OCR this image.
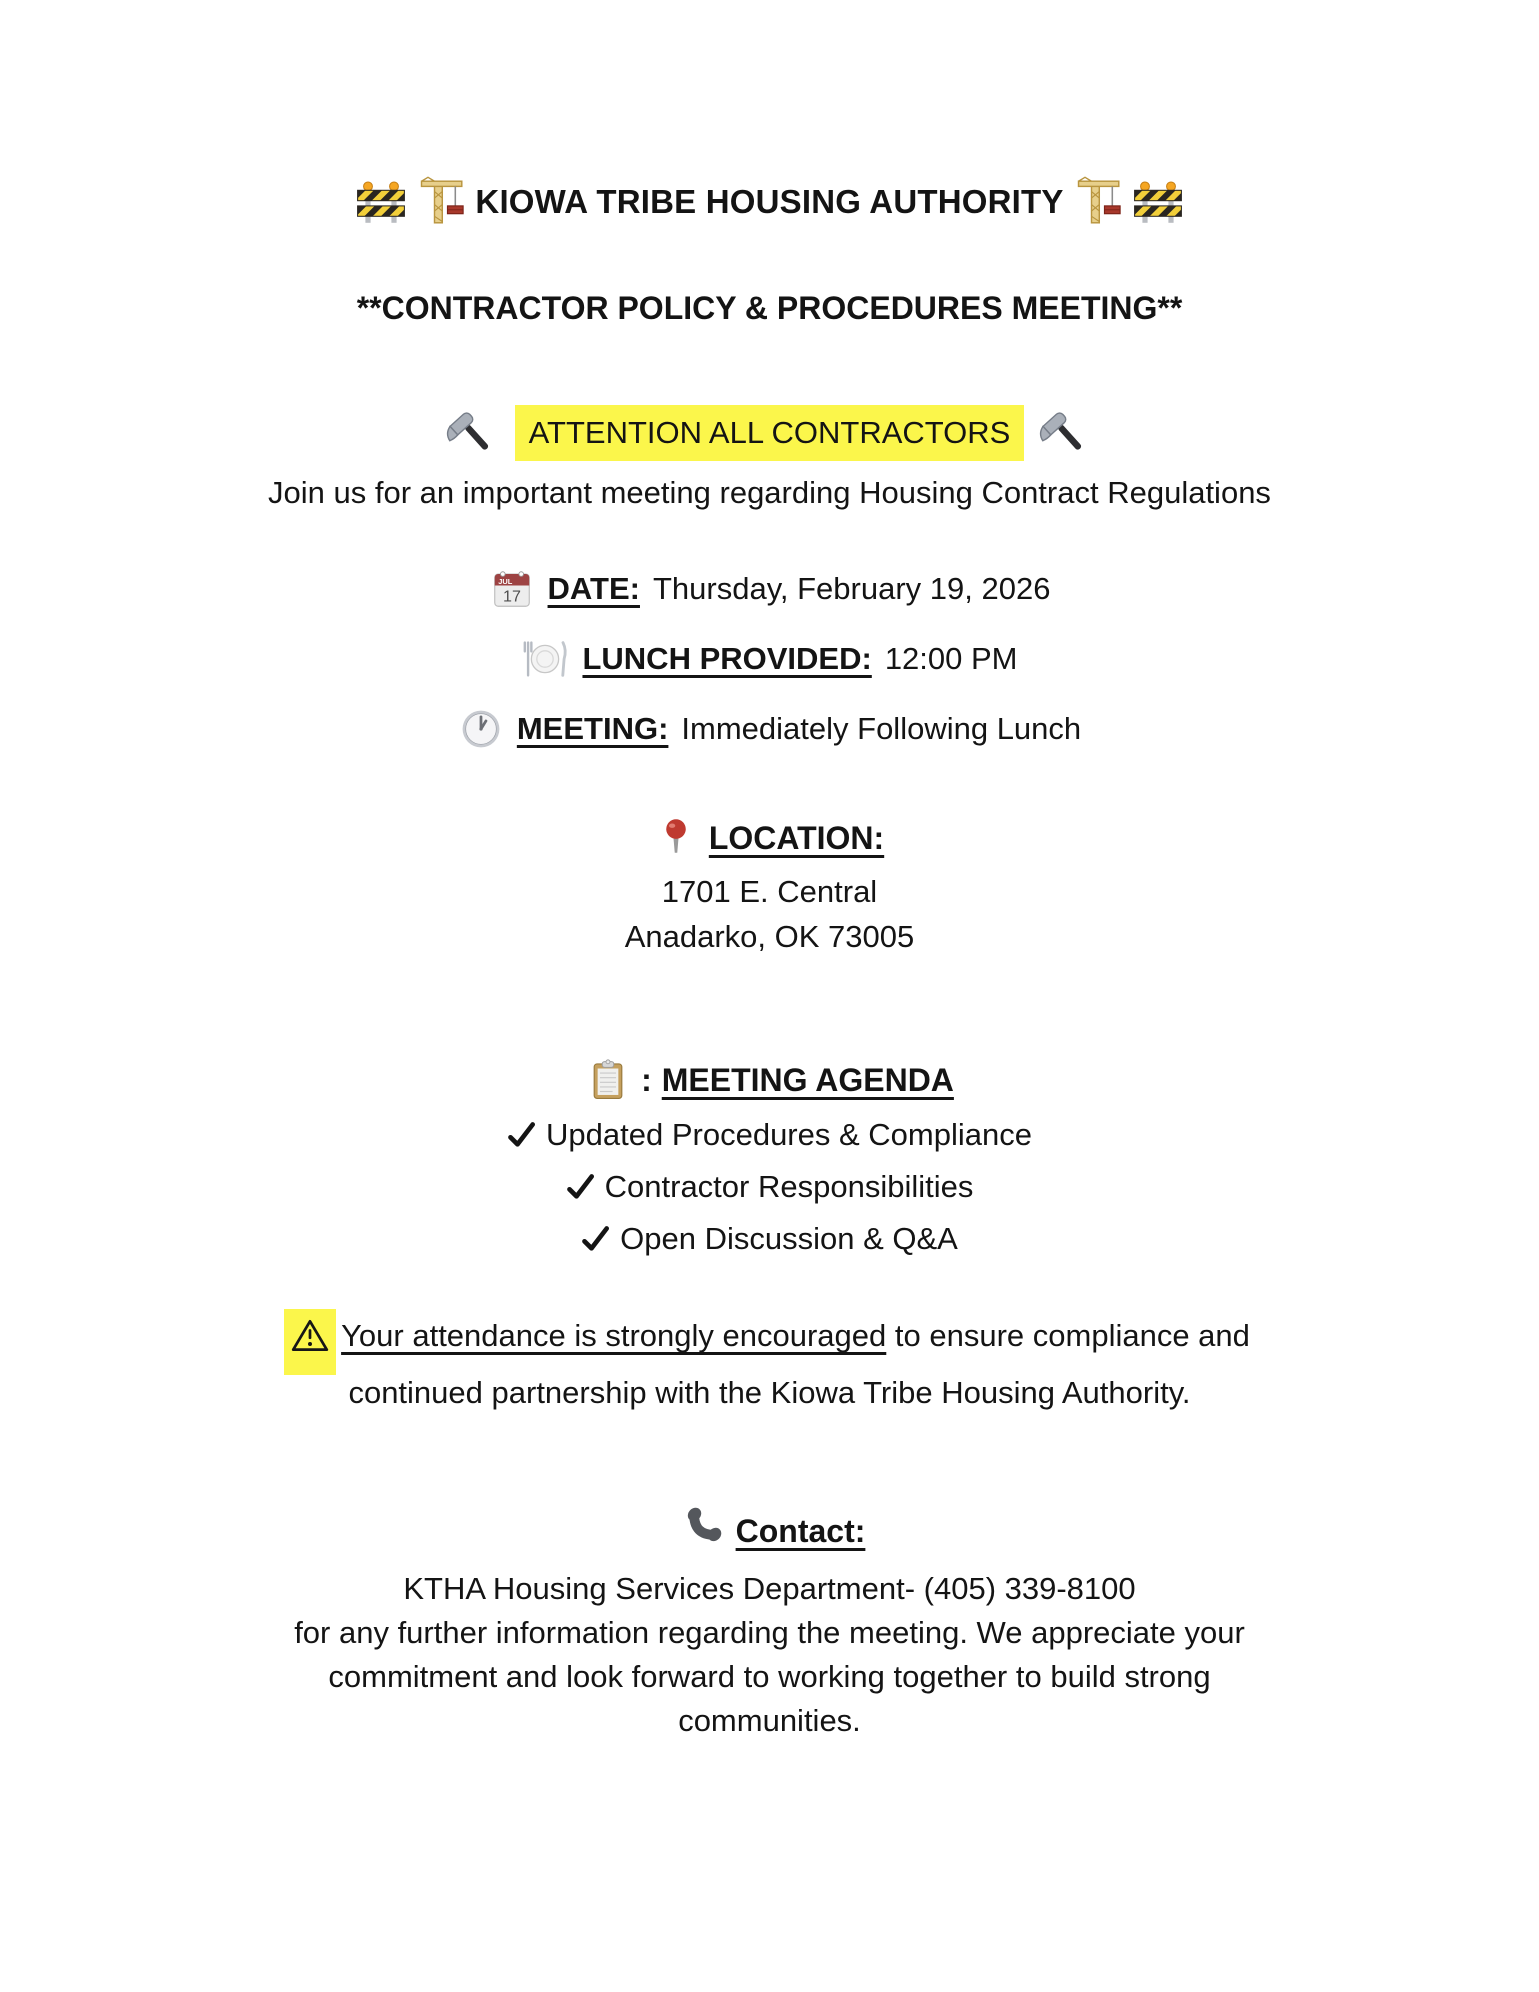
KIOWA TRIBE HOUSING AUTHORITY
**CONTRACTOR POLICY & PROCEDURES MEETING**
ATTENTION ALL CONTRACTORS
Join us for an important meeting regarding Housing Contract Regulations
JUL
17 DATE: Thursday, February 19, 2026
LUNCH PROVIDED: 12:00 PM
MEETING: Immediately Following Lunch
LOCATION:
1701 E. Central
Anadarko, OK 73005
: MEETING AGENDA
Updated Procedures & Compliance
Contractor Responsibilities
Open Discussion & Q&A
Your attendance is strongly encouraged to ensure compliance and
continued partnership with the Kiowa Tribe Housing Authority.
Contact:
KTHA Housing Services Department- (405) 339-8100
for any further information regarding the meeting. We appreciate your
commitment and look forward to working together to build strong
communities.
